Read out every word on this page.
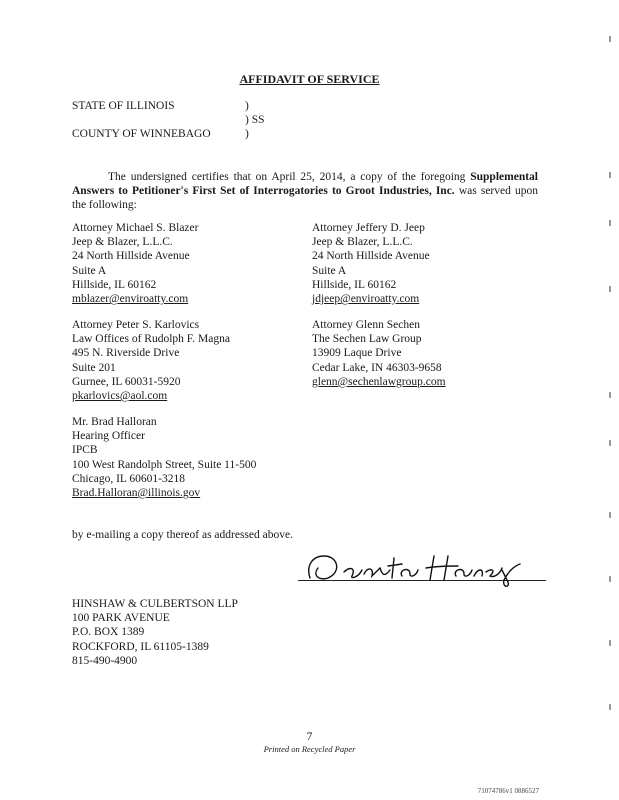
AFFIDAVIT OF SERVICE
STATE OF ILLINOIS
COUNTY OF WINNEBAGO
)
) SS
)
The undersigned certifies that on April 25, 2014, a copy of the foregoing Supplemental Answers to Petitioner's First Set of Interrogatories to Groot Industries, Inc. was served upon the following:
Attorney Michael S. Blazer
Jeep & Blazer, L.L.C.
24 North Hillside Avenue
Suite A
Hillside, IL 60162
mblazer@enviroatty.com
Attorney Jeffery D. Jeep
Jeep & Blazer, L.L.C.
24 North Hillside Avenue
Suite A
Hillside, IL 60162
jdjeep@enviroatty.com
Attorney Peter S. Karlovics
Law Offices of Rudolph F. Magna
495 N. Riverside Drive
Suite 201
Gurnee, IL 60031-5920
pkarlovics@aol.com
Attorney Glenn Sechen
The Sechen Law Group
13909 Laque Drive
Cedar Lake, IN 46303-9658
glenn@sechenlawgroup.com
Mr. Brad Halloran
Hearing Officer
IPCB
100 West Randolph Street, Suite 11-500
Chicago, IL 60601-3218
Brad.Halloran@illinois.gov
by e-mailing a copy thereof as addressed above.
HINSHAW & CULBERTSON LLP
100 PARK AVENUE
P.O. BOX 1389
ROCKFORD, IL 61105-1389
815-490-4900
7
Printed on Recycled Paper
71074786v1 0886527
